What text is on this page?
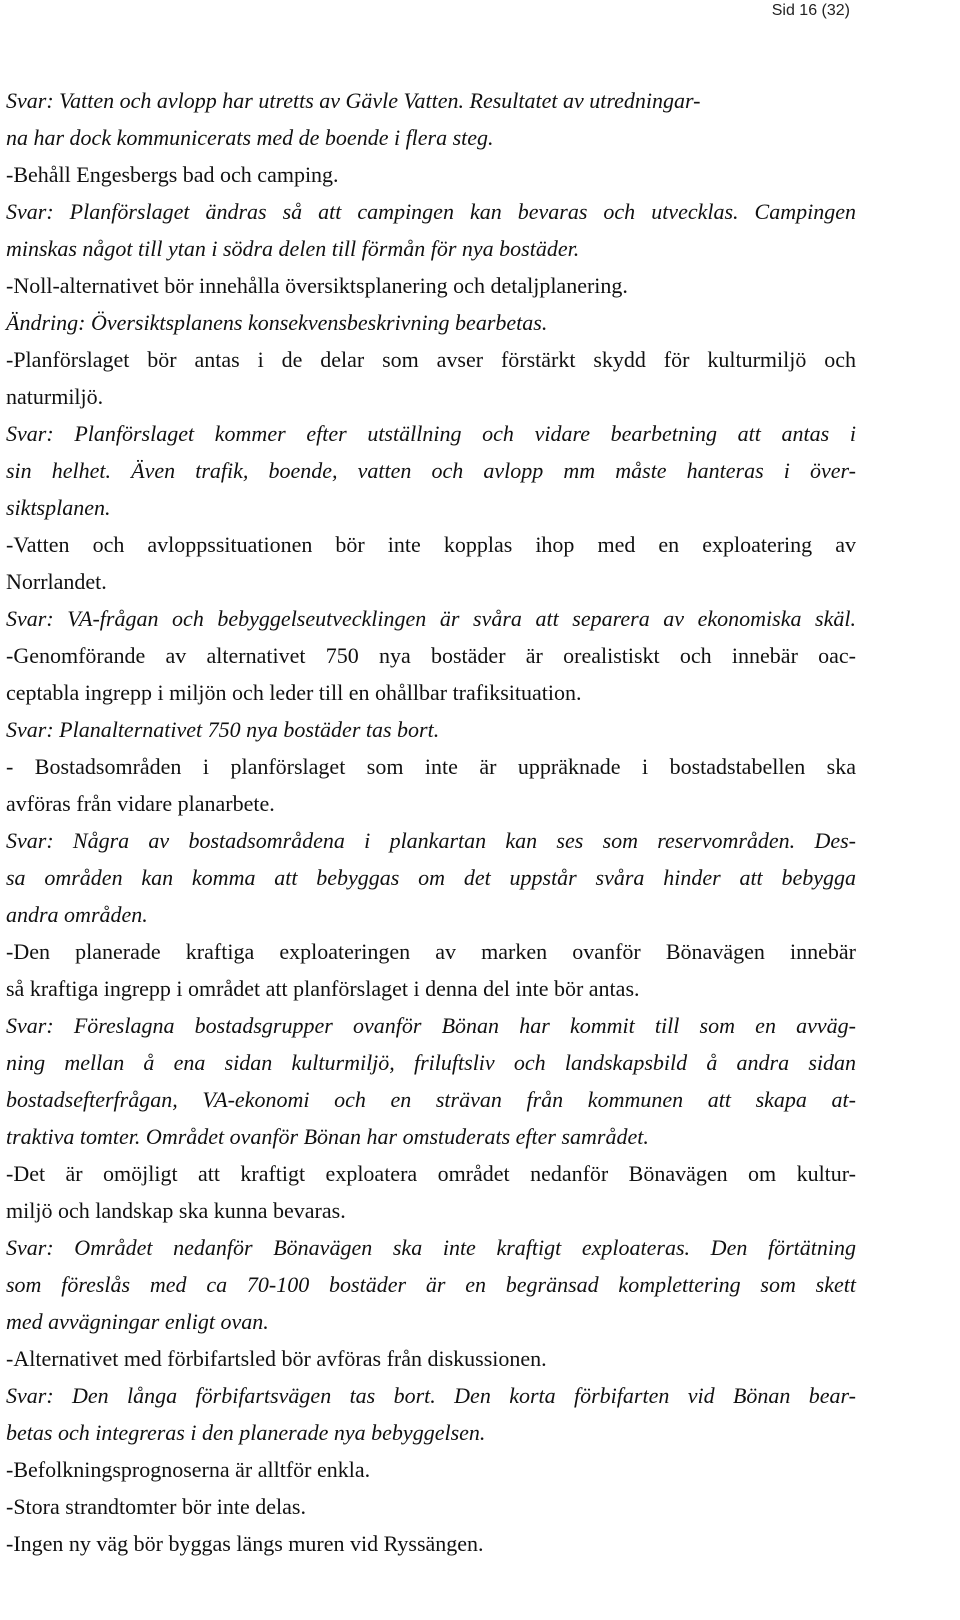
Sid 16 (32)
Svar: Vatten och avlopp har utretts av Gävle Vatten. Resultatet av utredningar-
na har dock kommunicerats med de boende i flera steg.
-Behåll Engesbergs bad och camping.
Svar: Planförslaget ändras så att campingen kan bevaras och utvecklas. Campingen
minskas något till ytan i södra delen till förmån för nya bostäder.
-Noll-alternativet bör innehålla översiktsplanering och detaljplanering.
Ändring: Översiktsplanens konsekvensbeskrivning bearbetas.
-Planförslaget bör antas i de delar som avser förstärkt skydd för kulturmiljö och
naturmiljö.
Svar: Planförslaget kommer efter utställning och vidare bearbetning att antas i
sin helhet. Även trafik, boende, vatten och avlopp mm måste hanteras i över-
siktsplanen.
-Vatten och avloppssituationen bör inte kopplas ihop med en exploatering av
Norrlandet.
Svar: VA-frågan och bebyggelseutvecklingen är svåra att separera av ekonomiska skäl.
-Genomförande av alternativet 750 nya bostäder är orealistiskt och innebär oac-
ceptabla ingrepp i miljön och leder till en ohållbar trafiksituation.
Svar: Planalternativet 750 nya bostäder tas bort.
- Bostadsområden i planförslaget som inte är uppräknade i bostadstabellen ska
avföras från vidare planarbete.
Svar: Några av bostadsområdena i plankartan kan ses som reservområden. Des-
sa områden kan komma att bebyggas om det uppstår svåra hinder att bebygga
andra områden.
-Den planerade kraftiga exploateringen av marken ovanför Bönavägen innebär
så kraftiga ingrepp i området att planförslaget i denna del inte bör antas.
Svar: Föreslagna bostadsgrupper ovanför Bönan har kommit till som en avväg-
ning mellan å ena sidan kulturmiljö, friluftsliv och landskapsbild å andra sidan
bostadsefterfrågan, VA-ekonomi och en strävan från kommunen att skapa at-
traktiva tomter. Området ovanför Bönan har omstuderats efter samrådet.
-Det är omöjligt att kraftigt exploatera området nedanför Bönavägen om kultur-
miljö och landskap ska kunna bevaras.
Svar: Området nedanför Bönavägen ska inte kraftigt exploateras. Den förtätning
som föreslås med ca 70-100 bostäder är en begränsad komplettering som skett
med avvägningar enligt ovan.
-Alternativet med förbifartsled bör avföras från diskussionen.
Svar: Den långa förbifartsvägen tas bort. Den korta förbifarten vid Bönan bear-
betas och integreras i den planerade nya bebyggelsen.
-Befolkningsprognoserna är alltför enkla.
-Stora strandtomter bör inte delas.
-Ingen ny väg bör byggas längs muren vid Ryssängen.
